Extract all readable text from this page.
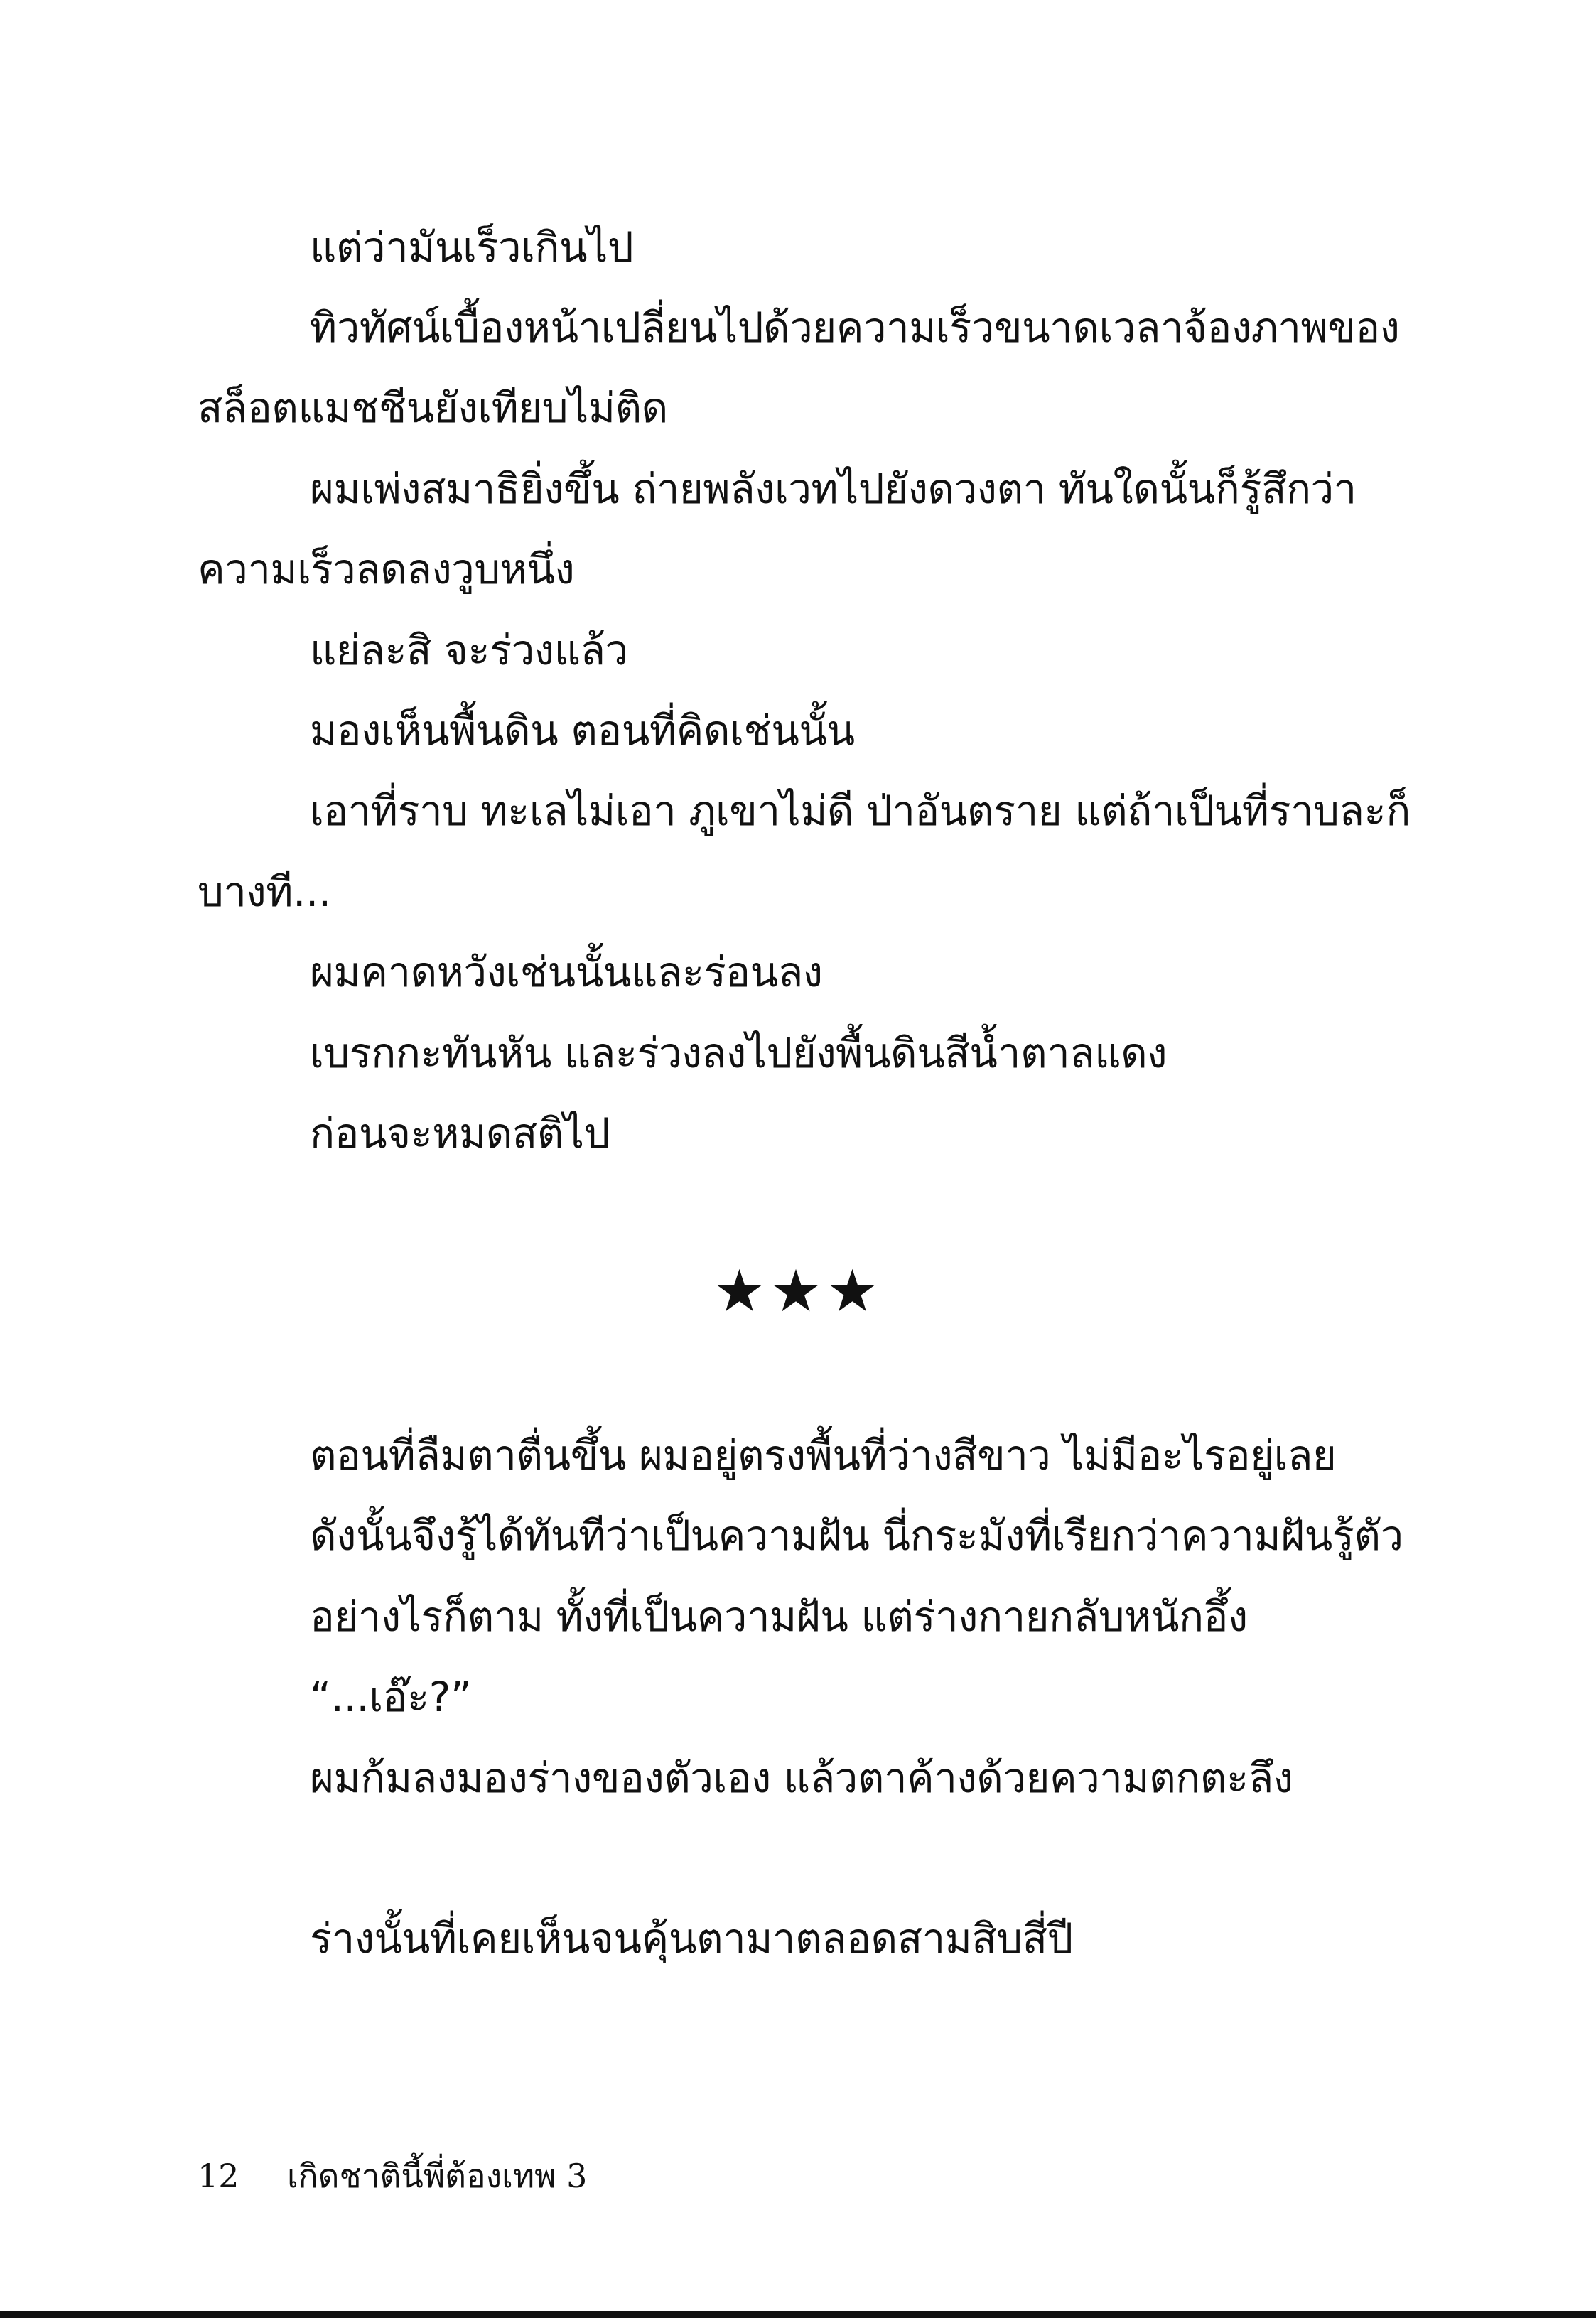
แต่ว่ามันเร็วเกินไป
ทิวทัศน์เบื้องหน้าเปลี่ยนไปด้วยความเร็วขนาดเวลาจ้องภาพของ
สล็อตแมชชีนยังเทียบไม่ติด
ผมเพ่งสมาธิยิ่งขึ้น ถ่ายพลังเวทไปยังดวงตา ทันใดนั้นก็รู้สึกว่า
ความเร็วลดลงวูบหนึ่ง
แย่ละสิ จะร่วงแล้ว
มองเห็นพื้นดิน ตอนที่คิดเช่นนั้น
เอาที่ราบ ทะเลไม่เอา ภูเขาไม่ดี ป่าอันตราย แต่ถ้าเป็นที่ราบละก็
บางที...
ผมคาดหวังเช่นนั้นและร่อนลง
เบรกกะทันหัน และร่วงลงไปยังพื้นดินสีน้ำตาลแดง
ก่อนจะหมดสติไป
★★★
ตอนที่ลืมตาตื่นขึ้น ผมอยู่ตรงพื้นที่ว่างสีขาว ไม่มีอะไรอยู่เลย
ดังนั้นจึงรู้ได้ทันทีว่าเป็นความฝัน นี่กระมังที่เรียกว่าความฝันรู้ตัว
อย่างไรก็ตาม ทั้งที่เป็นความฝัน แต่ร่างกายกลับหนักอึ้ง
“...เอ๊ะ?”
ผมก้มลงมองร่างของตัวเอง แล้วตาค้างด้วยความตกตะลึง
ร่างนั้นที่เคยเห็นจนคุ้นตามาตลอดสามสิบสี่ปี
12 เกิดชาตินี้พี่ต้องเทพ 3
